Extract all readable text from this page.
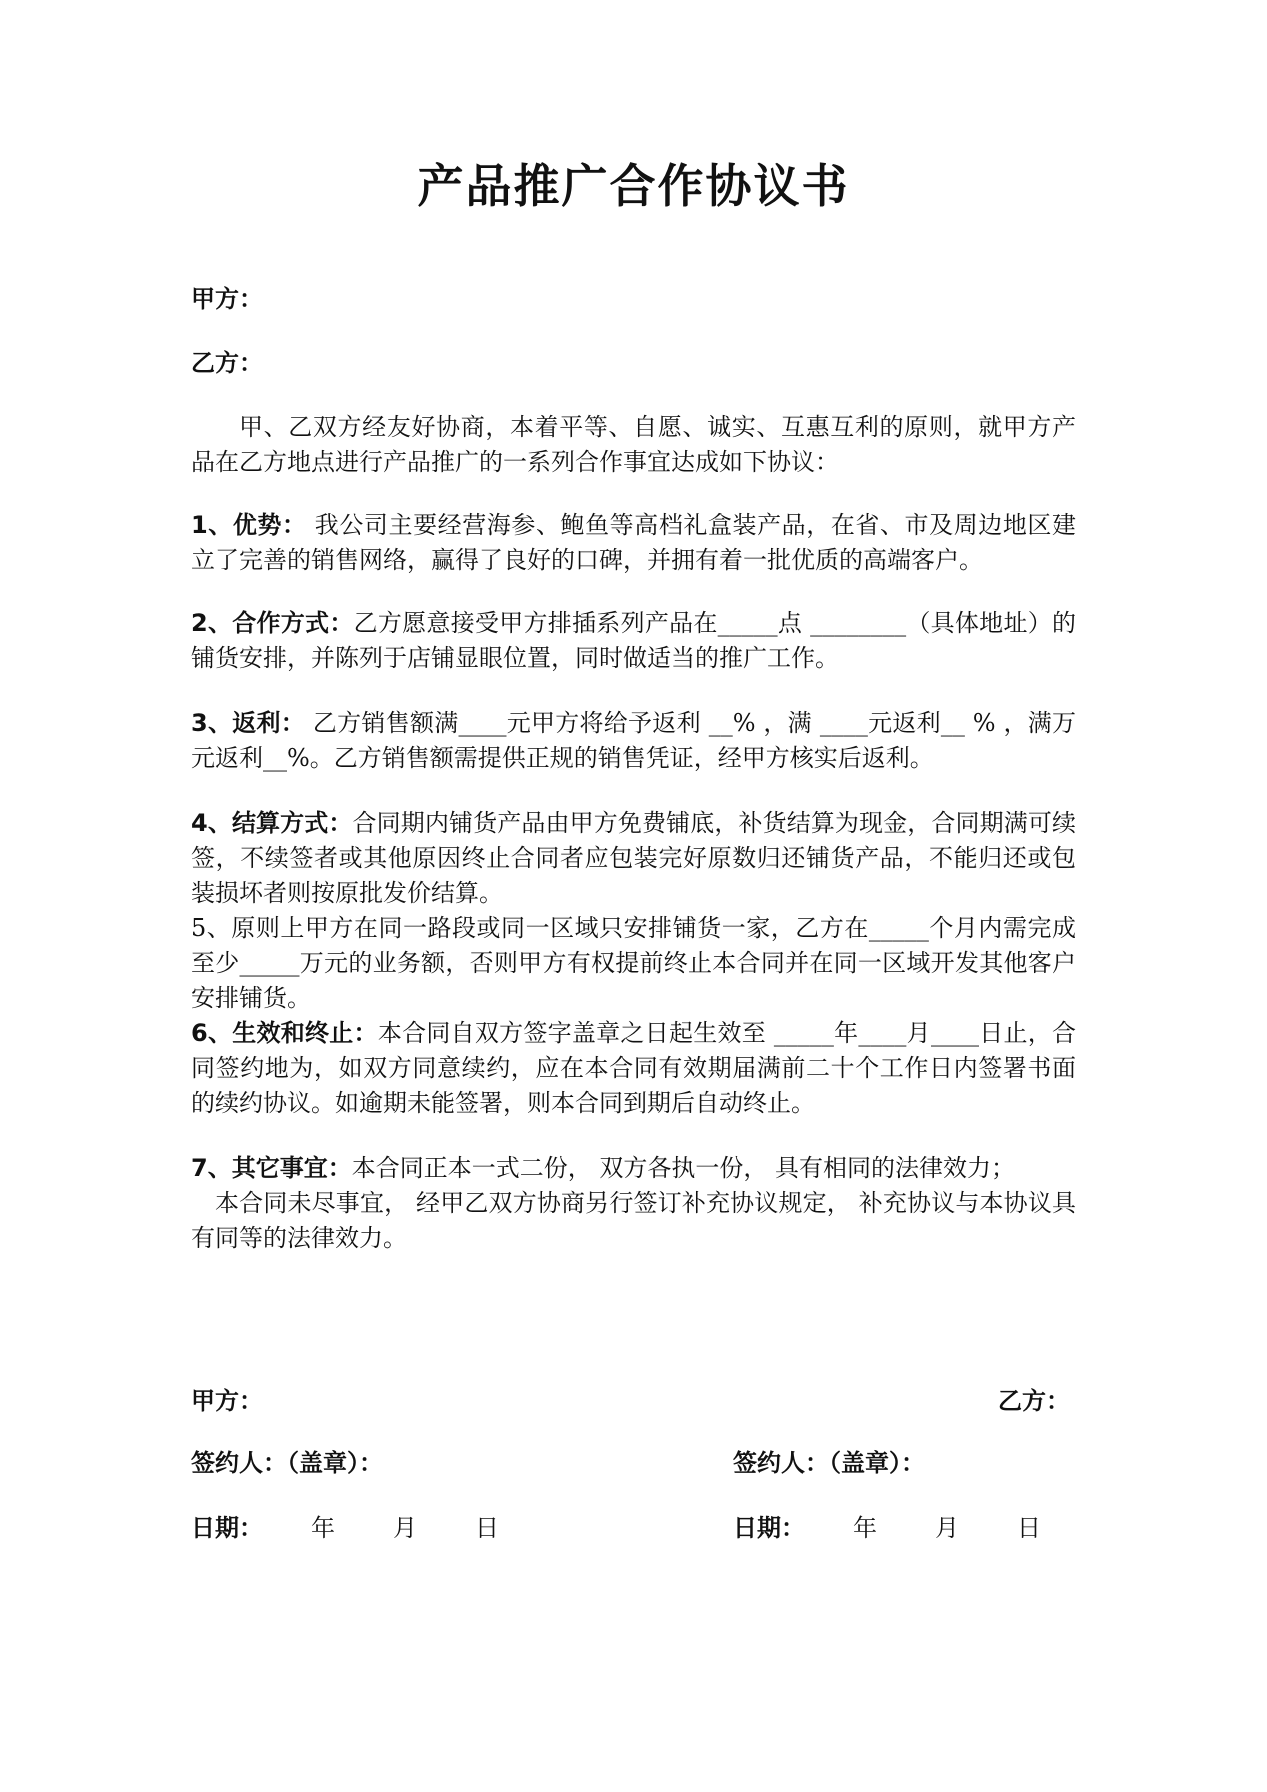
产品推广合作协议书

甲方：

乙方：

甲、乙双方经友好协商，本着平等、自愿、诚实、互惠互利的原则，就甲方产品在乙方地点进行产品推广的一系列合作事宜达成如下协议：

1、优势： 我公司主要经营海参、鲍鱼等高档礼盒装产品，在省、市及周边地区建立了完善的销售网络，赢得了良好的口碑，并拥有着一批优质的高端客户。

2、合作方式：乙方愿意接受甲方排插系列产品在_____点 ________（具体地址）的铺货安排，并陈列于店铺显眼位置，同时做适当的推广工作。

3、返利： 乙方销售额满____元甲方将给予返利 __% ，满 ____元返利__ % ，满万元返利__%。乙方销售额需提供正规的销售凭证，经甲方核实后返利。

4、结算方式：合同期内铺货产品由甲方免费铺底，补货结算为现金，合同期满可续签，不续签者或其他原因终止合同者应包装完好原数归还铺货产品，不能归还或包装损坏者则按原批发价结算。

5、原则上甲方在同一路段或同一区域只安排铺货一家，乙方在_____个月内需完成至少_____万元的业务额，否则甲方有权提前终止本合同并在同一区域开发其他客户安排铺货。

6、生效和终止：本合同自双方签字盖章之日起生效至 _____年____月____日止，合同签约地为，如双方同意续约，应在本合同有效期届满前二十个工作日内签署书面的续约协议。如逾期未能签署，则本合同到期后自动终止。

7、其它事宜：本合同正本一式二份， 双方各执一份， 具有相同的法律效力；

本合同未尽事宜， 经甲乙双方协商另行签订补充协议规定， 补充协议与本协议具有同等的法律效力。

甲方：	乙方：
签约人：（盖章）：	签约人：（盖章）：
日期：	年	月	日	日期：	年	月	日
